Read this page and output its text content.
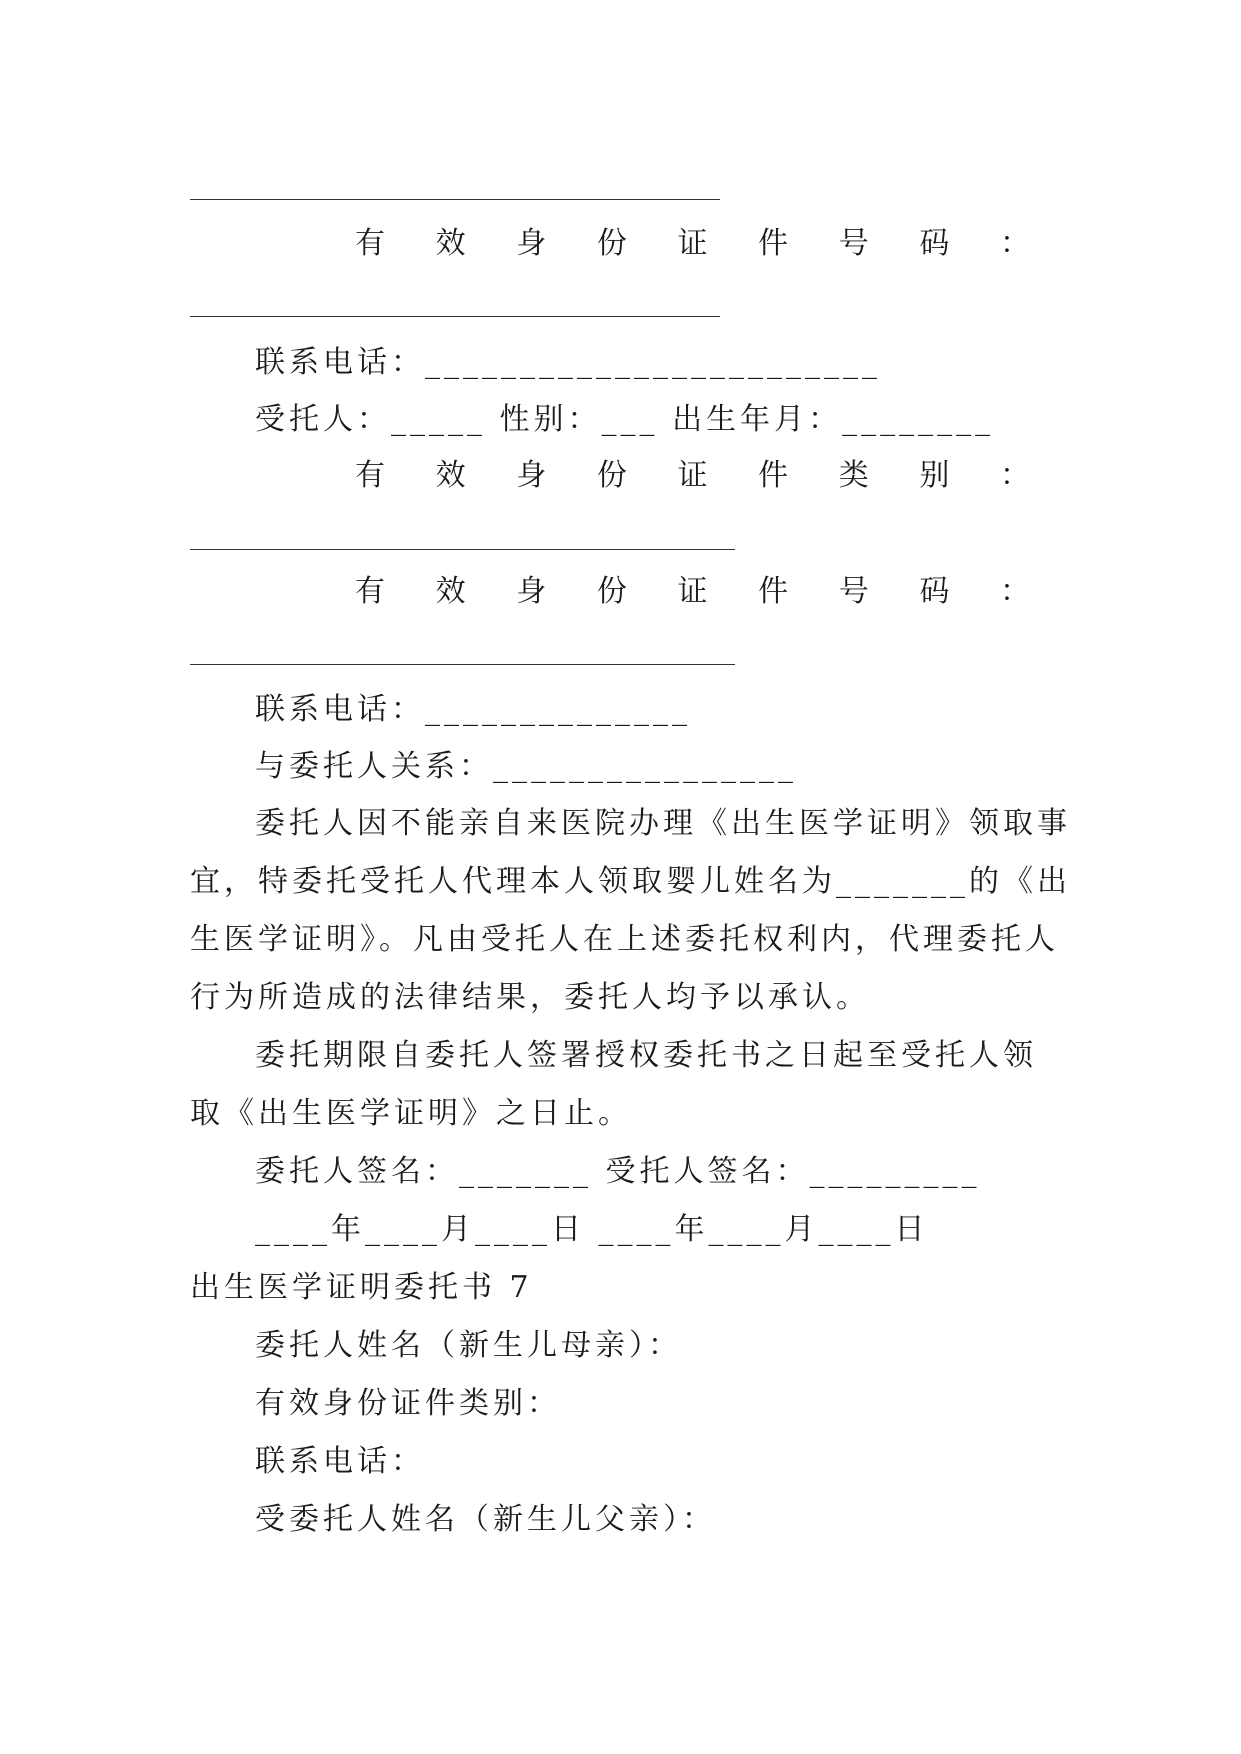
有 效 身 份 证 件 号 码 ：
联系电话：________________________
受托人：_____ 性别：___ 出生年月：________
有 效 身 份 证 件 类 别 ：
有 效 身 份 证 件 号 码 ：
联系电话：______________
与委托人关系：________________
委托人因不能亲自来医院办理《出生医学证明》领取事
宜，特委托受托人代理本人领取婴儿姓名为_______的《出
生医学证明》。凡由受托人在上述委托权利内，代理委托人
行为所造成的法律结果，委托人均予以承认。
委托期限自委托人签署授权委托书之日起至受托人领
取《出生医学证明》之日止。
委托人签名：_______ 受托人签名：_________
____年____月____日 ____年____月____日
出生医学证明委托书 7
委托人姓名（新生儿母亲）：
有效身份证件类别：
联系电话：
受委托人姓名（新生儿父亲）：
